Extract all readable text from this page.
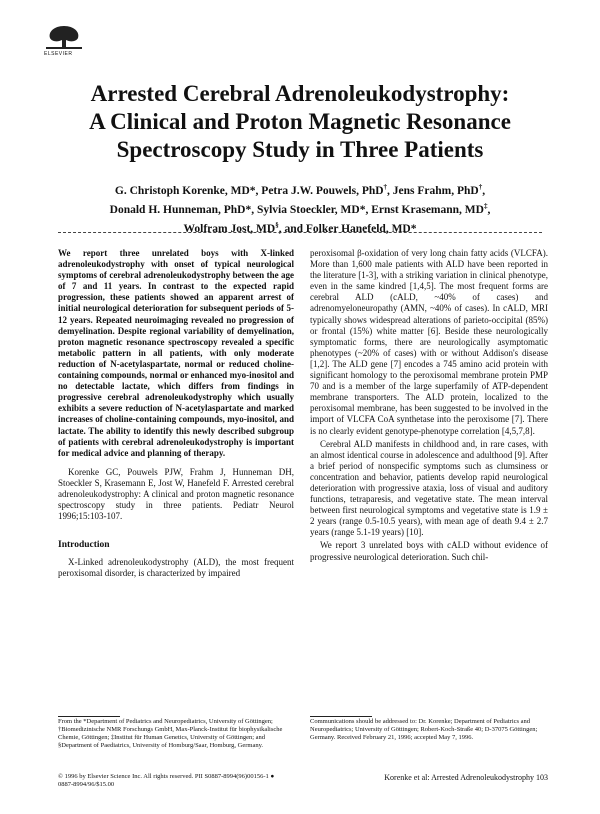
ELSEVIER
Arrested Cerebral Adrenoleukodystrophy:
A Clinical and Proton Magnetic Resonance
Spectroscopy Study in Three Patients
G. Christoph Korenke, MD*, Petra J.W. Pouwels, PhD†, Jens Frahm, PhD†,
Donald H. Hunneman, PhD*, Sylvia Stoeckler, MD*, Ernst Krasemann, MD‡,
Wolfram Jost, MD§, and Folker Hanefeld, MD*

We report three unrelated boys with X-linked adrenoleukodystrophy with onset of typical neurological symptoms of cerebral adrenoleukodystrophy between the age of 7 and 11 years. In contrast to the expected rapid progression, these patients showed an apparent arrest of initial neurological deterioration for subsequent periods of 5-12 years. Repeated neuroimaging revealed no progression of demyelination. Despite regional variability of demyelination, proton magnetic resonance spectroscopy revealed a specific metabolic pattern in all patients, with only moderate reduction of N-acetylaspartate, normal or reduced choline-containing compounds, normal or enhanced myo-inositol and no detectable lactate, which differs from findings in progressive cerebral adrenoleukodystrophy which usually exhibits a severe reduction of N-acetylaspartate and marked increases of choline-containing compounds, myo-inositol, and lactate. The ability to identify this newly described subgroup of patients with cerebral adrenoleukodystrophy is important for medical advice and planning of therapy.

Korenke GC, Pouwels PJW, Frahm J, Hunneman DH, Stoeckler S, Krasemann E, Jost W, Hanefeld F. Arrested cerebral adrenoleukodystrophy: A clinical and proton magnetic resonance spectroscopy study in three patients. Pediatr Neurol 1996;15:103-107.

Introduction

X-Linked adrenoleukodystrophy (ALD), the most frequent peroxisomal disorder, is characterized by impaired

peroxisomal β-oxidation of very long chain fatty acids (VLCFA). More than 1,600 male patients with ALD have been reported in the literature [1-3], with a striking variation in clinical phenotype, even in the same kindred [1,4,5]. The most frequent forms are cerebral ALD (cALD, ~40% of cases) and adrenomyeloneuropathy (AMN, ~40% of cases). In cALD, MRI typically shows widespread alterations of parieto-occipital (85%) or frontal (15%) white matter [6]. Beside these neurologically symptomatic forms, there are neurologically asymptomatic phenotypes (~20% of cases) with or without Addison's disease [1,2]. The ALD gene [7] encodes a 745 amino acid protein with significant homology to the peroxisomal membrane protein PMP 70 and is a member of the large superfamily of ATP-dependent membrane transporters. The ALD protein, localized to the peroxisomal membrane, has been suggested to be involved in the import of VLCFA CoA synthetase into the peroxisome [7]. There is no clearly evident genotype-phenotype correlation [4,5,7,8].

Cerebral ALD manifests in childhood and, in rare cases, with an almost identical course in adolescence and adulthood [9]. After a brief period of nonspecific symptoms such as clumsiness or concentration and behavior, patients develop rapid neurological deterioration with progressive ataxia, loss of visual and auditory functions, tetraparesis, and vegetative state. The mean interval between first neurological symptoms and vegetative state is 1.9 ± 2 years (range 0.5-10.5 years), with mean age of death 9.4 ± 2.7 years (range 5.1-19 years) [10].

We report 3 unrelated boys with cALD without evidence of progressive neurological deterioration. Such chil-

From the *Department of Pediatrics and Neuropediatrics, University of Göttingen; †Biomedizinische NMR Forschungs GmbH, Max-Planck-Institut für biophysikalische Chemie, Göttingen; ‡Institut für Human Genetics, University of Göttingen; and §Department of Paediatrics, University of Homburg/Saar, Homburg, Germany.
Communications should be addressed to: Dr. Korenke; Department of Pediatrics and Neuropediatrics; University of Göttingen; Robert-Koch-Straße 40; D-37075 Göttingen; Germany. Received February 21, 1996; accepted May 7, 1996.
© 1996 by Elsevier Science Inc. All rights reserved. PII S0887-8994(96)00156-1 ● 0887-8994/96/$15.00
Korenke et al: Arrested Adrenoleukodystrophy 103
